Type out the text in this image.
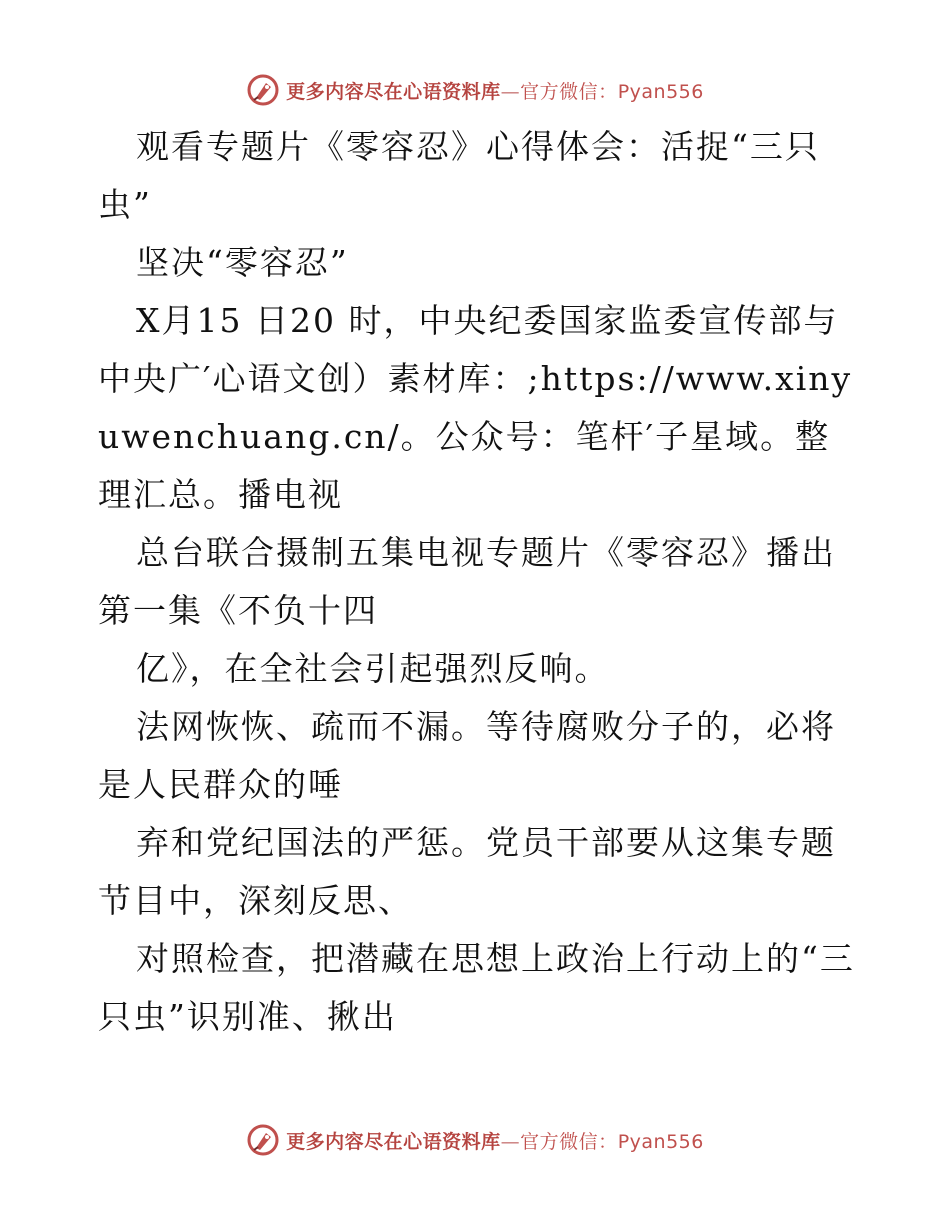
更多内容尽在心语资料库—官方微信：Pyan556

观看专题片《零容忍》心得体会：活捉“三只虫”

坚决“零容忍”

X月15 日20 时，中央纪委国家监委宣传部与中央广′心语文创）素材库：;https://www.xinyuwenchuang.cn/。公众号：笔杆′子星域。整理汇总。播电视

总台联合摄制五集电视专题片《零容忍》播出第一集《不负十四

亿》，在全社会引起强烈反响。

法网恢恢、疏而不漏。等待腐败分子的，必将是人民群众的唾

弃和党纪国法的严惩。党员干部要从这集专题节目中，深刻反思、

对照检查，把潜藏在思想上政治上行动上的“三只虫”识别准、揪出

更多内容尽在心语资料库—官方微信：Pyan556
